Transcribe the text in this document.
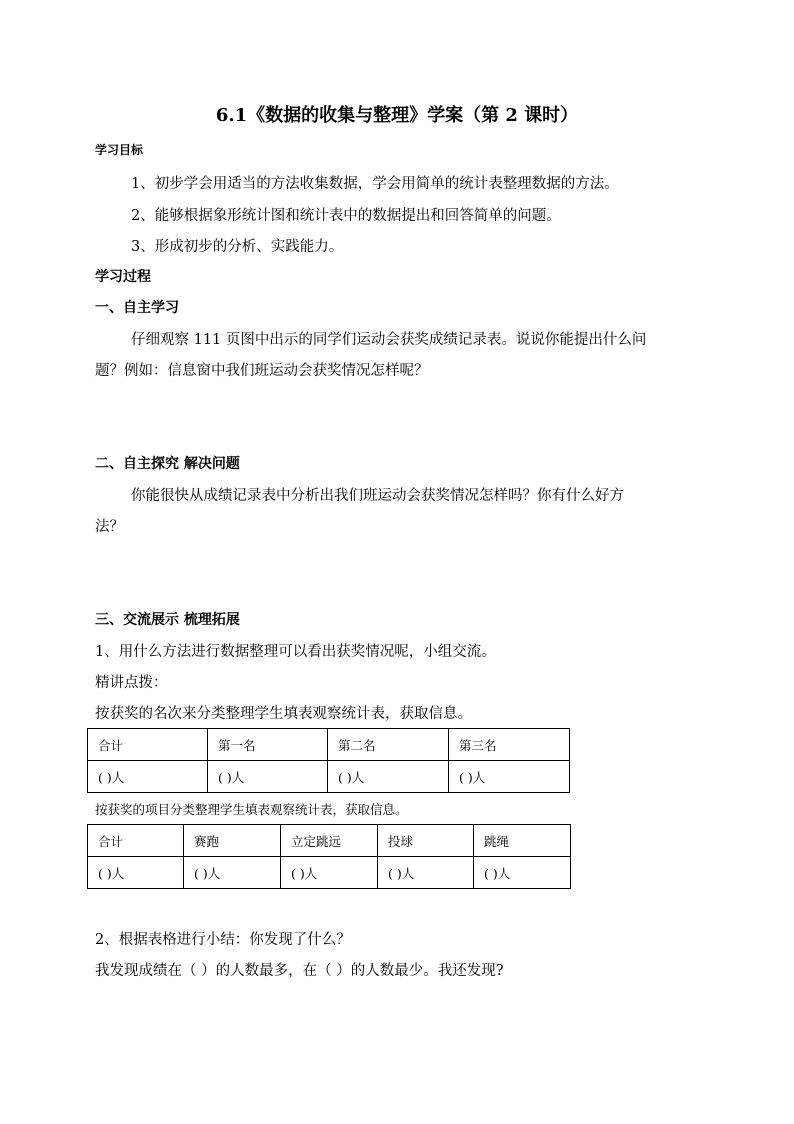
6.1《数据的收集与整理》学案（第 2 课时）
学习目标
1、初步学会用适当的方法收集数据，学会用简单的统计表整理数据的方法。
2、能够根据象形统计图和统计表中的数据提出和回答简单的问题。
3、形成初步的分析、实践能力。
学习过程
一、自主学习
仔细观察 111 页图中出示的同学们运动会获奖成绩记录表。说说你能提出什么问
题？例如：信息窗中我们班运动会获奖情况怎样呢？
二、自主探究 解决问题
你能很快从成绩记录表中分析出我们班运动会获奖情况怎样吗？你有什么好方
法？
三、交流展示 梳理拓展
1、用什么方法进行数据整理可以看出获奖情况呢，小组交流。
精讲点拨：
按获奖的名次来分类整理学生填表观察统计表，获取信息。
合计	第一名	第二名	第三名
( )人	( )人	( )人	( )人
按获奖的项目分类整理学生填表观察统计表，获取信息。
合计	赛跑	立定跳远	投球	跳绳
( )人	( )人	( )人	( )人	( )人
2、根据表格进行小结：你发现了什么？
我发现成绩在（ ）的人数最多，在（ ）的人数最少。我还发现?
